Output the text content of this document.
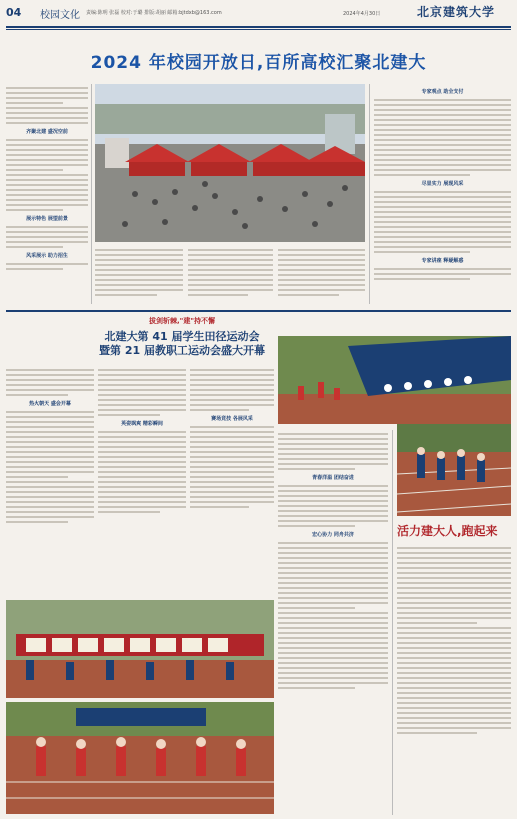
04 校园文化 责编:陈明 张磊 校对:于璐 排版:胡丽 邮箱:bjtdxb@163.com	2024年4月30日	北京建筑大学
2024 年校园开放日,百所高校汇聚北建大
齐聚北建 盛况空前
展示特色 展望前景
风采展示 助力招生
专家观点 助全支付
尽显实力 展现风采
专家讲座 释疑解惑
拔剑斩棘,"建"持不懈
北建大第 41 届学生田径运动会
暨第 21 届教职工运动会盛大开幕
热火朝天 盛会开幕
英姿飒爽 精彩瞬间
赛场竞技 各展风采
青春洋溢 团结奋进
宏心协力 同舟共济	活力建大人,跑起来
